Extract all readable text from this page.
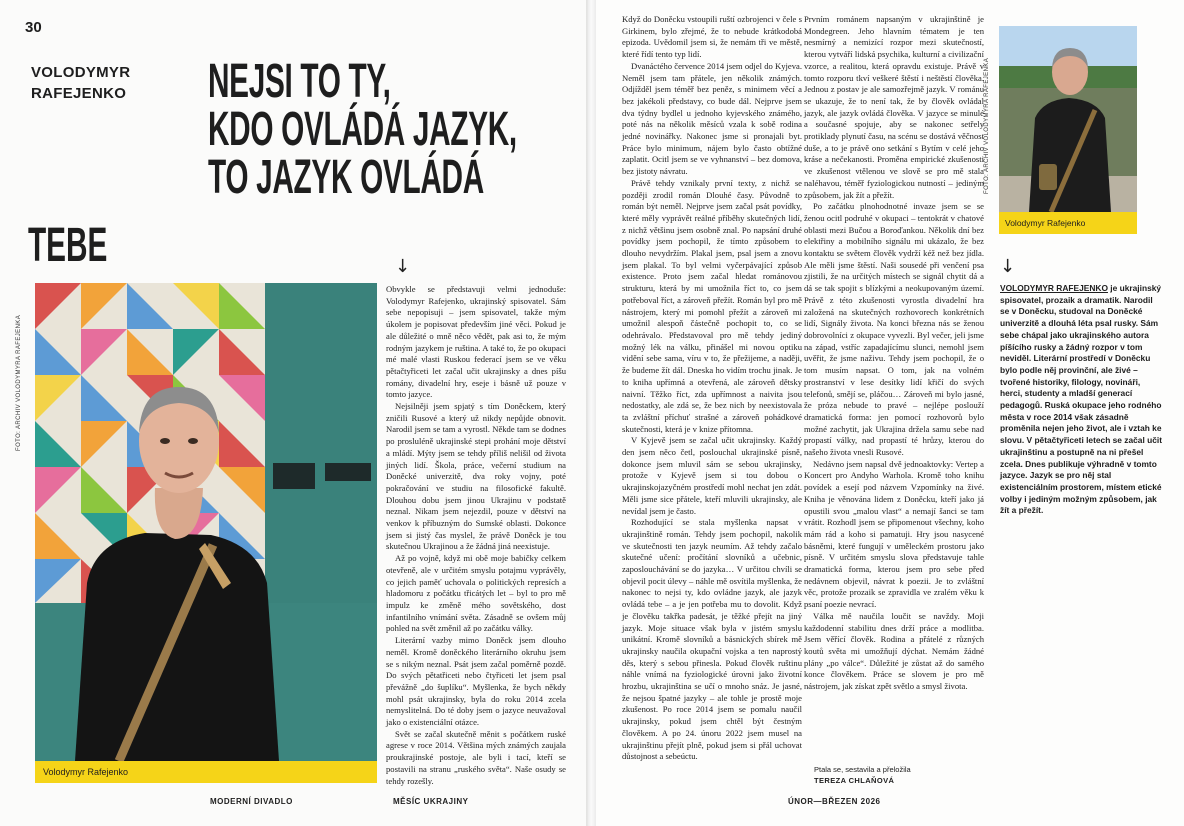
30
VOLODYMYR RAFEJENKO	NEJSI TO TY,
KDO OVLÁDÁ JAZYK,
TO JAZYK OVLÁDÁ
TEBE
FOTO: ARCHIV VOLODYMYRA RAFEJENKA
Volodymyr Rafejenko
↓

Obvykle se představuji velmi jednoduše: Volodymyr Rafejenko, ukrajinský spisovatel. Sám sebe nepopisuji – jsem spisovatel, takže mým úkolem je popisovat především jiné věci. Pokud je ale důležité o mně něco vědět, pak asi to, že mým rodným jazykem je ruština. A také to, že po okupaci mé malé vlasti Ruskou federací jsem se ve věku pětačtyřiceti let začal učit ukrajinsky a dnes píšu romány, divadelní hry, eseje i básně už pouze v tomto jazyce.

Nejsilněji jsem spjatý s tím Doněckem, který zničili Rusové a který už nikdy nepůjde obnovit. Narodil jsem se tam a vyrostl. Někde tam se dodnes po prosluléně ukrajinské stepi prohání moje dětství a mládí. Mýty jsem se tehdy příliš nelišil od života jiných lidí. Škola, práce, večerní studium na Doněcké univerzitě, dva roky vojny, poté pokračování ve studiu na filosofické fakultě. Dlouhou dobu jsem jinou Ukrajinu v podstatě neznal. Nikam jsem nejezdil, pouze v dětství na venkov k příbuzným do Sumské oblasti. Dokonce jsem si jistý čas myslel, že právě Doněck je tou skutečnou Ukrajinou a že žádná jiná neexistuje.

Až po vojně, když mi obě moje babičky celkem otevřeně, ale v určitém smyslu potajmu vyprávěly, co jejich paměť uchovala o politických represích a hladomoru z počátku třicátých let – byl to pro mě impulz ke změně mého sovětského, dost infantilního vnímání světa. Zásadně se ovšem můj pohled na svět změnil až po začátku války.

Literární vazby mimo Doněck jsem dlouho neměl. Kromě doněckého literárního okruhu jsem se s nikým neznal. Psát jsem začal poměrně pozdě. Do svých pětatřiceti nebo čtyřiceti let jsem psal převážně „do šuplíku“. Myšlenka, že bych někdy mohl psát ukrajinsky, byla do roku 2014 zcela nemyslitelná. Do té doby jsem o jazyce neuvažoval jako o existenciální otázce.

Svět se začal skutečně měnit s počátkem ruské agrese v roce 2014. Většina mých známých zaujala proukrajinské postoje, ale byli i tací, kteří se postavili na stranu „ruského světa“. Naše osudy se tehdy rozešly.

MODERNÍ DIVADLO	MĚSÍC UKRAJINY

Když do Doněcku vstoupili ruští ozbrojenci v čele s Girkinem, bylo zřejmé, že to nebude krátkodobá epizoda. Uvědomil jsem si, že nemám tři ve městě, které řídí tento typ lidí.

Dvanáctého července 2014 jsem odjel do Kyjeva. Neměl jsem tam přátele, jen několik známých. Odjížděl jsem téměř bez peněz, s minimem věcí a bez jakékoli představy, co bude dál. Nejprve jsem dva týdny bydlel u jednoho kyjevského známého, poté nás na několik měsíců vzala k sobě rodina jedné novinářky. Nakonec jsme si pronajali byt. Práce bylo minimum, nájem bylo často obtížné zaplatit. Ocitl jsem se ve vyhnanství – bez domova, bez jistoty návratu.

Právě tehdy vznikaly první texty, z nichž se později zrodil román Dlouhé časy. Původně to román být neměl. Nejprve jsem začal psát povídky, které měly vyprávět reálné příběhy skutečných lidí, z nichž většinu jsem osobně znal. Po napsání druhé povídky jsem pochopil, že tímto způsobem to dlouho nevydržím. Plakal jsem, psal jsem a znovu jsem plakal. To byl velmi vyčerpávající způsob existence. Proto jsem začal hledat románovou strukturu, která by mi umožnila říct to, co jsem potřeboval říct, a zároveň přežít. Román byl pro mě nástrojem, který mi pomohl přežít a zároveň mi umožnil alespoň částečně pochopit to, co se odehrávalo. Představoval pro mě tehdy jediný možný lék na válku, přinášel mi novou optiku vidění sebe sama, víru v to, že přežijeme, a naději, že budeme žít dál. Dneska ho vidím trochu jinak. Je to kniha upřímná a otevřená, ale zároveň dětsky naivní. Těžko říct, zda upřímnost a naivita jsou nedostatky, ale zdá se, že bez nich by neexistovala ta zvláštní příchuť strašné a zároveň pohádkové skutečnosti, která je v knize přítomna.

V Kyjevě jsem se začal učit ukrajinsky. Každý den jsem něco četl, poslouchal ukrajinské písně, dokonce jsem mluvil sám se sebou ukrajinsky, protože v Kyjevě jsem si tou dobou o ukrajinskojazyčném prostředí mohl nechat jen zdát. Měli jsme sice přátele, kteří mluvili ukrajinsky, ale nevídal jsem je často.

Rozhodující se stala myšlenka napsat v ukrajinštině román. Tehdy jsem pochopil, nakolik ve skutečnosti ten jazyk neumím. Až tehdy začalo skutečné učení: pročítání slovníků a učebnic, zaposlouchávání se do jazyka… V určitou chvíli se objevil pocit úlevy – náhle mě osvítila myšlenka, že nakonec to nejsi ty, kdo ovládne jazyk, ale jazyk ovládá tebe – a je jen potřeba mu to dovolit. Když je člověku takřka padesát, je těžké přejít na jiný jazyk. Moje situace však byla v jistém smyslu unikátní. Kromě slovníků a básnických sbírek mě ukrajinsky naučila okupační vojska a ten naprostý děs, který s sebou přinesla. Pokud člověk ruštinu náhle vnímá na fyziologické úrovni jako životní hrozbu, ukrajinština se učí o mnoho snáz. Je jasné, že nejsou špatné jazyky – ale tohle je prostě moje zkušenost. Po roce 2014 jsem se pomalu naučil ukrajinsky, pokud jsem chtěl být čestným člověkem. A po 24. únoru 2022 jsem musel na ukrajinštinu přejít plně, pokud jsem si přál uchovat důstojnost a sebeúctu.

Prvním románem napsaným v ukrajinštině je Mondegreen. Jeho hlavním tématem je ten nesmírný a nemizící rozpor mezi skutečností, kterou vytváří lidská psychika, kulturní a civilizační vzorce, a realitou, která opravdu existuje. Právě v tomto rozporu tkví veškeré štěstí i neštěstí člověka. Jednou z postav je ale samozřejmě jazyk. V románu se ukazuje, že to není tak, že by člověk ovládal jazyk, ale jazyk ovládá člověka. V jazyce se minulé a současné spojuje, aby se nakonec setřely protiklady plynutí času, na scénu se dostává věčnost duše, a to je právě ono setkání s Bytím v celé jeho kráse a nečekanosti. Proměna empirické zkušenosti ve zkušenost vtělenou ve slově se pro mě stala naléhavou, téměř fyziologickou nutností – jediným způsobem, jak žít a přežít.

Po začátku plnohodnotné invaze jsem se se ženou ocitl podruhé v okupaci – tentokrát v chatové oblasti mezi Bučou a Boroďankou. Několik dní bez elektřiny a mobilního signálu mi ukázalo, že bez kontaktu se světem člověk vydrží kéž než bez jídla. Ale měli jsme štěstí. Naši sousedé při venčení psa zjistili, že na určitých místech se signál chytit dá a dá se tak spojit s blízkými a neokupovaným území. Právě z této zkušenosti vyrostla divadelní hra založená na skutečných rozhovorech konkrétních lidí, Signály života. Na konci března nás se ženou dobrovolníci z okupace vyvezli. Byl večer, jeli jsme na západ, vstříc zapadajícímu slunci, nemohl jsem uvěřit, že jsme naživu. Tehdy jsem pochopil, že o tom musím napsat. O tom, jak na volném prostranství v lese desítky lidí křičí do svých telefonů, smějí se, pláčou… Zároveň mi bylo jasné, že próza nebude to pravé – nejlépe poslouží dramatická forma: jen pomocí rozhovorů bylo možné zachytit, jak Ukrajina držela samu sebe nad propastí války, nad propastí té hrůzy, kterou do našeho života vnesli Rusové.

Nedávno jsem napsal dvě jednoaktovky: Vertep a Koncert pro Andyho Warhola. Kromě toho knihu povídek a esejí pod názvem Vzpomínky na živé. Kniha je věnována lidem z Doněcku, kteří jako já opustili svou „malou vlast“ a nemají šanci se tam vrátit. Rozhodl jsem se připomenout všechny, koho mám rád a koho si pamatuji. Hry jsou nasycené básněmi, které fungují v uměleckém prostoru jako písně. V určitém smyslu slova představuje tahle dramatická forma, kterou jsem pro sebe před nedávnem objevil, návrat k poezii. Je to zvláštní věc, protože prozaik se zpravidla ve zralém věku k psaní poezie nevrací.

Válka mě naučila loučit se navždy. Moji každodenní stabilitu dnes drží práce a modlitba. Jsem věřící člověk. Rodina a přátelé z různých koutů světa mi umožňují dýchat. Nemám žádné plány „po válce“. Důležité je zůstat až do samého konce člověkem. Práce se slovem je pro mě nástrojem, jak získat zpět světlo a smysl života.

Ptala se, sestavila a přeložila
TEREZA CHLAŇOVÁ
FOTO: ARCHIV VOLODYMYRA RAFEJENKA
Volodymyr Rafejenko
↓
VOLODYMYR RAFEJENKO je ukrajinský spisovatel, prozaik a dramatik. Narodil se v Doněcku, studoval na Doněcké univerzitě a dlouhá léta psal rusky. Sám sebe chápal jako ukrajinského autora píšícího rusky a žádný rozpor v tom neviděl. Literární prostředí v Doněcku bylo podle něj provinční, ale živé – tvořené historiky, filology, novináři, herci, studenty a mladší generací pedagogů. Ruská okupace jeho rodného města v roce 2014 však zásadně proměnila nejen jeho život, ale i vztah ke slovu. V pětačtyřiceti letech se začal učit ukrajinštinu a postupně na ni přešel zcela. Dnes publikuje výhradně v tomto jazyce. Jazyk se pro něj stal existenciálním prostorem, místem etické volby i jediným možným způsobem, jak žít a přežít.
ÚNOR—BŘEZEN 2026
